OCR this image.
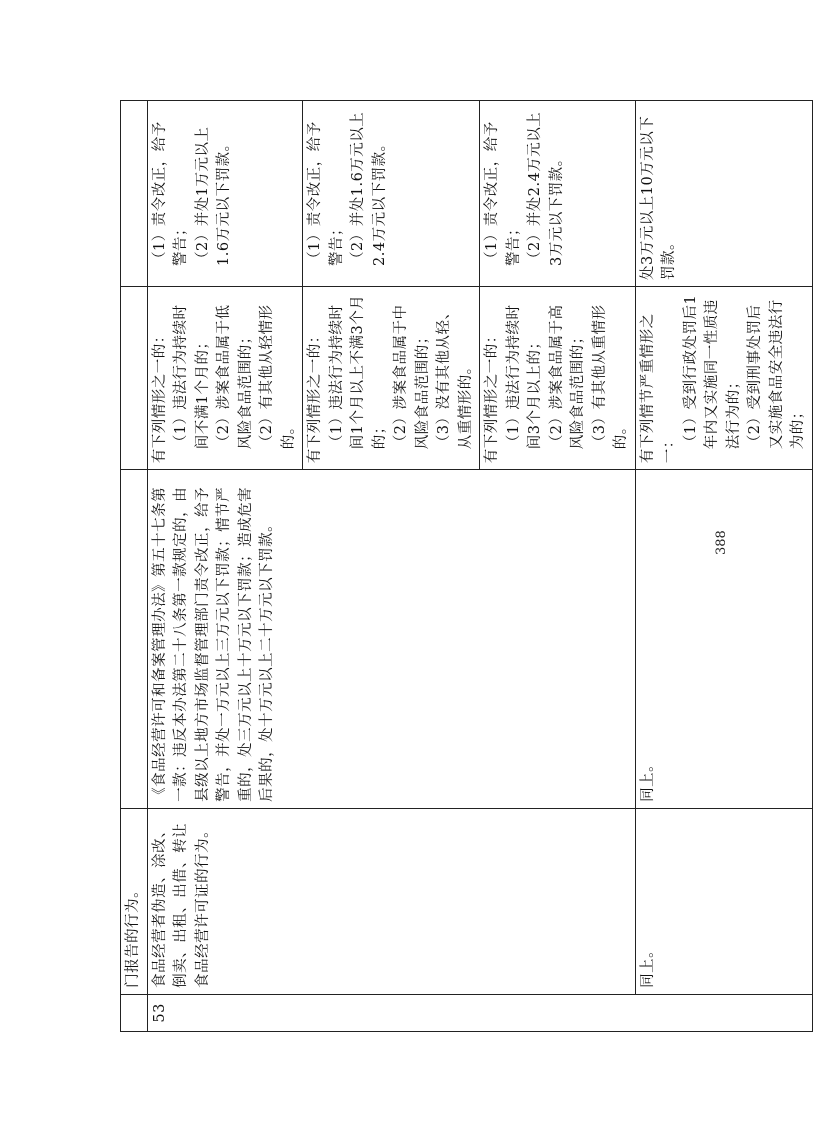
	门报告的行为。			

53	食品经营者伪造、涂改、倒卖、出租、出借、转让食品经营许可证的行为。	《食品经营许可和备案管理办法》第五十七条第一款：违反本办法第二十八条第一款规定的，由县级以上地方市场监督管理部门责令改正，给予警告，并处一万元以上三万元以下罚款；情节严重的，处三万元以上十万元以下罚款；造成危害后果的，处十万元以上二十万元以下罚款。	有下列情形之一的： （1）违法行为持续时间不满1个月的； （2）涉案食品属于低风险食品范围的； （2）有其他从轻情形的。	（1）责令改正，给予警告； （2）并处1万元以上1.6万元以下罚款。

			有下列情形之一的： （1）违法行为持续时间1个月以上不满3个月的； （2）涉案食品属于中风险食品范围的； （3）没有其他从轻、从重情形的。	（1）责令改正，给予警告； （2）并处1.6万元以上2.4万元以下罚款。

			有下列情形之一的： （1）违法行为持续时间3个月以上的； （2）涉案食品属于高风险食品范围的； （3）有其他从重情形的。	（1）责令改正，给予警告； （2）并处2.4万元以上3万元以下罚款。

	同上。	同上。	有下列情节严重情形之一： （1）受到行政处罚后1年内又实施同一性质违法行为的； （2）受到刑事处罚后又实施食品安全违法行为的；	处3万元以上10万元以下罚款。
388
